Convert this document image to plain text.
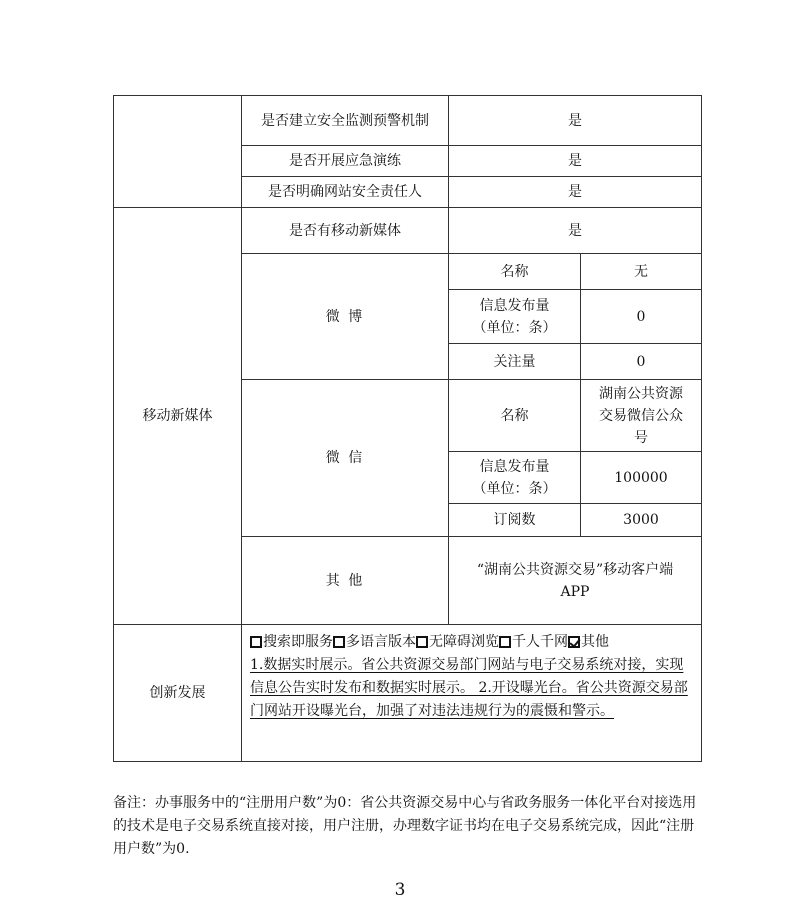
	是否建立安全监测预警机制	是	
	是否开展应急演练	是	
	是否明确网站安全责任人	是	
移动新媒体	是否有移动新媒体	是	
	微 博	名称	无
		信息发布量（单位：条）	0
		关注量	0
	微 信	名称	湖南公共资源交易微信公众号
		信息发布量（单位：条）	100000
		订阅数	3000
	其 他	“湖南公共资源交易”移动客户端APP	
创新发展	搜索即服务 多语言版本 无障碍浏览 千人千网 其他
1.数据实时展示。省公共资源交易部门网站与电子交易系统对接，实现信息公告实时发布和数据实时展示。 2.开设曝光台。省公共资源交易部门网站开设曝光台，加强了对违法违规行为的震慑和警示。		
备注：办事服务中的“注册用户数”为0：省公共资源交易中心与省政务服务一体化平台对接选用的技术是电子交易系统直接对接，用户注册，办理数字证书均在电子交易系统完成，因此“注册用户数”为0.
3
